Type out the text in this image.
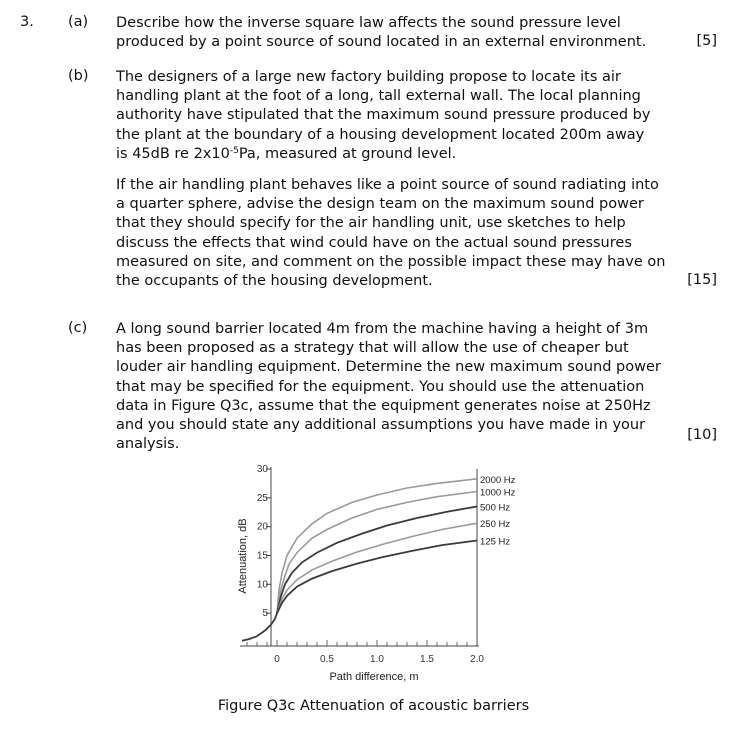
3. (a) Describe how the inverse square law affects the sound pressure level produced by a point source of sound located in an external environment.	[5]
(b) The designers of a large new factory building propose to locate its air handling plant at the foot of a long, tall external wall. The local planning authority have stipulated that the maximum sound pressure produced by the plant at the boundary of a housing development located 200m away
is 45dB re $2x10^{-5}Pa$, measured at ground level.
If the air handling plant behaves like a point source of sound radiating into a quarter sphere, advise the design team on the maximum sound power that they should specify for the air handling unit, use sketches to help discuss the effects that wind could have on the actual sound pressures measured on site, and comment on the possible impact these may have on the occupants of the housing development.	[15]
(c) A long sound barrier located 4m from the machine having a height of 3m has been proposed as a strategy that will allow the use of cheaper but louder air handling equipment. Determine the new maximum sound power that may be specified for the equipment. You should use the attenuation data in Figure Q3c, assume that the equipment generates noise at 250Hz and you should state any additional assumptions you have made in your analysis.
[10]
5
10
15
20
25
30
0	0.5	1.0	1.5	2.0
2000 Hz
1000 Hz
500 Hz
250 Hz
125 Hz
Attenuation, dB
Path difference, m
Figure Q3c Attenuation of acoustic barriers
